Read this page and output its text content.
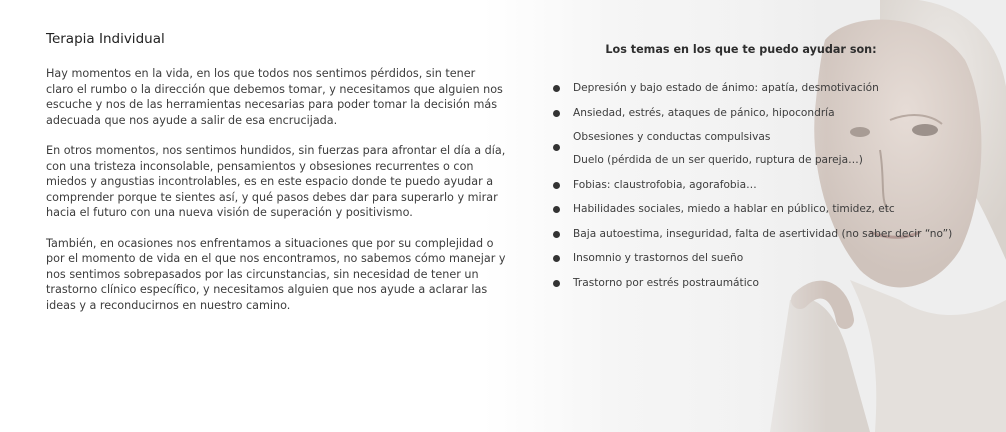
Terapia Individual

Hay momentos en la vida, en los que todos nos sentimos pérdidos, sin tener claro el rumbo o la dirección que debemos tomar, y necesitamos que alguien nos escuche y nos de las herramientas necesarias para poder tomar la decisión más adecuada que nos ayude a salir de esa encrucijada.

En otros momentos, nos sentimos hundidos, sin fuerzas para afrontar el día a día, con una tristeza inconsolable, pensamientos y obsesiones recurrentes o con miedos y angustias incontrolables, es en este espacio donde te puedo ayudar a comprender porque te sientes así, y qué pasos debes dar para superarlo y mirar hacia el futuro con una nueva visión de superación y positivismo.

También, en ocasiones nos enfrentamos a situaciones que por su complejidad o por el momento de vida en el que nos encontramos, no sabemos cómo manejar y nos sentimos sobrepasados por las circunstancias, sin necesidad de tener un trastorno clínico específico, y necesitamos alguien que nos ayude a aclarar las ideas y a reconducirnos en nuestro camino.

Los temas en los que te puedo ayudar son:
Depresión y bajo estado de ánimo: apatía, desmotivación
Ansiedad, estrés, ataques de pánico, hipocondría
Obsesiones y conductas compulsivas
Duelo (pérdida de un ser querido, ruptura de pareja…)
Fobias: claustrofobia, agorafobia…
Habilidades sociales, miedo a hablar en público, timidez, etc
Baja autoestima, inseguridad, falta de asertividad (no saber decir “no”)
Insomnio y trastornos del sueño
Trastorno por estrés postraumático
